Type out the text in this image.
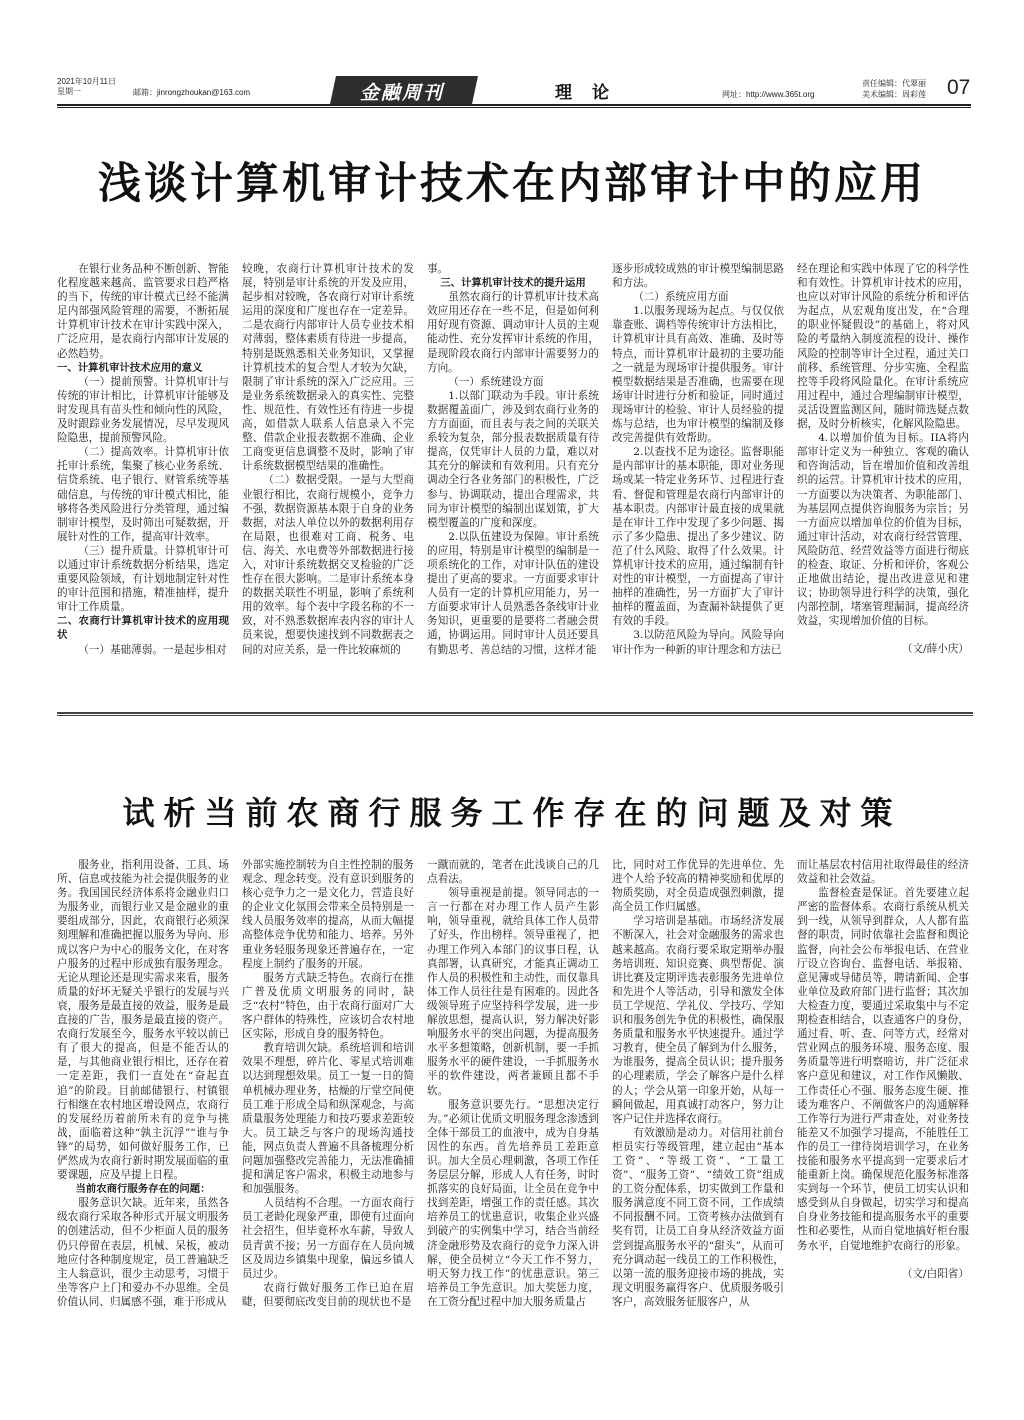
2021年10月11日
星期一	邮箱：jinrongzhoukan@163.com	金融周刊	理论	网址：http://www.365t.org
责任编辑：代翠丽
美术编辑：周彩莲 07
浅谈计算机审计技术在内部审计中的应用

在银行业务品种不断创新、智能化程度越来越高、监管要求日趋严格的当下，传统的审计模式已经不能满足内部强风险管理的需要，不断拓展计算机审计技术在审计实践中深入，广泛应用，是农商行内部审计发展的必然趋势。

一、计算机审计技术应用的意义

（一）提前预警。计算机审计与传统的审计相比，计算机审计能够及时发现具有苗头性和倾向性的风险，及时跟踪业务发展情况，尽早发现风险隐患，提前预警风险。

（二）提高效率。计算机审计依托审计系统，集聚了核心业务系统、信贷系统、电子银行、财管系统等基础信息，与传统的审计模式相比，能够将各类风险进行分类管理，通过编制审计模型，及时筛出可疑数据，开展针对性的工作，提高审计效率。

（三）提升质量。计算机审计可以通过审计系统数据分析结果，选定重要风险领域，有计划地制定针对性的审计范围和措施，精准抽样，提升审计工作质量。

二、农商行计算机审计技术的应用现状

（一）基础薄弱。一是起步相对

较晚，农商行计算机审计技术的发展，特别是审计系统的开发及应用，起步相对较晚，各农商行对审计系统运用的深度和广度也存在一定差异。二是农商行内部审计人员专业技术相对薄弱，整体素质有待进一步提高，特别是既熟悉相关业务知识，又掌握计算机技术的复合型人才较为欠缺，限制了审计系统的深入广泛应用。三是业务系统数据录入的真实性、完整性、规范性、有效性还有待进一步提高，如借款人联系人信息录入不完整、借款企业报表数据不准确、企业工商变更信息调整不及时，影响了审计系统数据模型结果的准确性。

（二）数据受限。一是与大型商业银行相比，农商行规模小，竞争力不强，数据资源基本限于自身的业务数据，对法人单位以外的数据利用存在局限，也很难对工商、税务、电信、海关、水电费等外部数据进行接入，对审计系统数据交叉检验的广泛性存在很大影响。二是审计系统本身的数据关联性不明显，影响了系统利用的效率。每个表中字段名称的不一致，对不熟悉数据库表内容的审计人员来说，想要快速找到不同数据表之间的对应关系，是一件比较麻烦的

事。

三、计算机审计技术的提升运用

虽然农商行的计算机审计技术高效应用还存在一些不足，但是如何利用好现有资源、调动审计人员的主观能动性、充分发挥审计系统的作用，是现阶段农商行内部审计需要努力的方向。

（一）系统建设方面

1.以部门联动为手段。审计系统数据覆盖面广，涉及到农商行业务的方方面面，而且表与表之间的关联关系较为复杂，部分报表数据质量有待提高，仅凭审计人员的力量，难以对其充分的解读和有效利用。只有充分调动全行各业务部门的积极性，广泛参与、协调联动，提出合理需求，共同为审计模型的编制出谋划策，扩大模型覆盖的广度和深度。

2.以队伍建设为保障。审计系统的应用，特别是审计模型的编制是一项系统化的工作，对审计队伍的建设提出了更高的要求。一方面要求审计人员有一定的计算机应用能力，另一方面要求审计人员熟悉各条线审计业务知识，更重要的是要将二者融会贯通，协调运用。同时审计人员还要具有勤思考、善总结的习惯，这样才能

逐步形成较成熟的审计模型编制思路和方法。

（二）系统应用方面

1.以服务现场为起点。与仅仅依靠查账、调档等传统审计方法相比，计算机审计具有高效、准确、及时等特点，而计算机审计最初的主要功能之一就是为现场审计提供服务。审计模型数据结果是否准确，也需要在现场审计时进行分析和验证，同时通过现场审计的检验、审计人员经验的提炼与总结，也为审计模型的编制及修改完善提供有效帮助。

2.以查找不足为途径。监督职能是内部审计的基本职能，即对业务现场或某一特定业务环节、过程进行查看、督促和管理是农商行内部审计的基本职责。内部审计最直接的成果就是在审计工作中发现了多少问题、揭示了多少隐患、提出了多少建议、防范了什么风险、取得了什么效果。计算机审计技术的应用，通过编制有针对性的审计模型，一方面提高了审计抽样的准确性，另一方面扩大了审计抽样的覆盖面，为查漏补缺提供了更有效的手段。

3.以防范风险为导向。风险导向审计作为一种新的审计理念和方法已

经在理论和实践中体现了它的科学性和有效性。计算机审计技术的应用，也应以对审计风险的系统分析和评估为起点，从宏观角度出发，在“合理的职业怀疑假设”的基础上，将对风险的考量纳入制度流程的设计、操作风险的控制等审计全过程，通过关口前移、系统管理、分步实施、全程监控等手段将风险量化。在审计系统应用过程中，通过合理编制审计模型，灵活设置监测区间，随时筛选疑点数据，及时分析核实，化解风险隐患。

4.以增加价值为目标。IIA将内部审计定义为一种独立、客观的确认和咨询活动，旨在增加价值和改善组织的运营。计算机审计技术的应用，一方面要以为决策者、为职能部门、为基层网点提供咨询服务为宗旨；另一方面应以增加单位的价值为目标，通过审计活动，对农商行经营管理、风险防范、经营效益等方面进行彻底的检查、取证、分析和评价，客观公正地做出结论，提出改进意见和建议；协助领导进行科学的决策，强化内部控制，堵塞管理漏洞，提高经济效益，实现增加价值的目标。

（文/薛小庆）

试析当前农商行服务工作存在的问题及对策

服务业，指利用设备、工具、场所、信息或技能为社会提供服务的业务。我国国民经济体系将金融业归口为服务业，而银行业又是金融业的重要组成部分，因此，农商银行必须深刻理解和准确把握以服务为导向、形成以客户为中心的服务文化，在对客户服务的过程中形成独有服务理念。无论从理论还是现实需求来看，服务质量的好坏无疑关乎银行的发展与兴衰，服务是最直接的效益，服务是最直接的广告，服务是最直接的资产。农商行发展至今，服务水平较以前已有了很大的提高，但是不能否认的是，与其他商业银行相比，还存在着一定差距，我们一直处在“奋起直追”的阶段。目前邮储银行、村镇银行相继在农村地区增设网点，农商行的发展经历着前所未有的竞争与挑战，面临着这种“孰主沉浮”“谁与争锋”的局势，如何做好服务工作，已俨然成为农商行新时期发展面临的重要课题，应及早提上日程。

当前农商行服务存在的问题：

服务意识欠缺。近年来，虽然各级农商行采取各种形式开展文明服务的创建活动，但不少柜面人员的服务仍只停留在表层，机械、呆板，被动地应付各种制度规定，员工普遍缺乏主人翁意识，很少主动思考，习惯于坐等客户上门和爱办不办思维。全员价值认同、归属感不强，难于形成从

外部实施控制转为自主性控制的服务观念、理念转变。没有意识到服务的核心竞争力之一是文化力，营造良好的企业文化氛围会带来全员特别是一线人员服务效率的提高，从而大幅提高整体竞争优势和能力、培养。另外重业务轻服务现象还普遍存在，一定程度上制约了服务的开展。

服务方式缺乏特色。农商行在推广普及优质文明服务的同时，缺乏“农村”特色，由于农商行面对广大客户群体的特殊性，应该切合农村地区实际，形成自身的服务特色。

教育培训欠缺。系统培训和培训效果不理想，碎片化、零星式培训难以达到理想效果。员工一复一日的简单机械办理业务，枯燥的厅堂空间使员工难于形成全局和纵深观念，与高质量服务处理能力和技巧要求差距较大。员工缺乏与客户的现场沟通技能，网点负责人普遍不具备梳理分析问题加强整改完善能力，无法准确捕捉和满足客户需求，积极主动地参与和加强服务。

人员结构不合理。一方面农商行员工老龄化现象严重，即使有过面向社会招生，但毕竟杯水车薪，导致人员青黄不接；另一方面存在人员向城区及周边乡镇集中现象，偏远乡镇人员过少。

农商行做好服务工作已迫在眉睫，但要彻底改变目前的现状也不是

一蹴而就的，笔者在此浅谈自己的几点看法。

领导重视是前提。领导同志的一言一行都在对办理工作人员产生影响，领导重视，就给具体工作人员带了好头，作出榜样。领导重视了，把办理工作列入本部门的议事日程，认真部署，认真研究，才能真正调动工作人员的积极性和主动性，而仅靠具体工作人员往往是有困难的。因此各级领导班子应坚持科学发展，进一步解放思想，提高认识，努力解决好影响服务水平的突出问题，为提高服务水平多想策略，创新机制，要一手抓服务水平的硬件建设，一手抓服务水平的软件建设，两者兼顾且都不手软。

服务意识要先行。“思想决定行为。”必须让优质文明服务理念渗透到全体干部员工的血液中，成为自身基因性的东西。首先培养员工差距意识。加大全员心理刺激，各项工作任务层层分解，形成人人有任务，时时抓落实的良好局面，让全员在竞争中找到差距，增强工作的责任感。其次培养员工的忧患意识，收集企业兴盛到破产的实例集中学习，结合当前经济金融形势及农商行的竞争力深入讲解，使全员树立“今天工作不努力，明天努力找工作”的忧患意识。第三培养员工争先意识。加大奖惩力度，在工资分配过程中加大服务质量占

比，同时对工作优异的先进单位、先进个人给予较高的精神奖励和优厚的物质奖励，对全员造成强烈刺激，提高全员工作归属感。

学习培训是基础。市场经济发展不断深入，社会对金融服务的需求也越来越高。农商行要采取定期举办服务培训班、知识竞赛、典型帮促、演讲比赛及定期评选表彰服务先进单位和先进个人等活动，引导和激发全体员工学规范、学礼仪、学技巧、学知识和服务创先争优的积极性，确保服务质量和服务水平快速提升。通过学习教育，使全员了解到为什么服务，为谁服务，提高全员认识；提升服务的心理素质，学会了解客户是什么样的人；学会从第一印象开始，从每一瞬间做起，用真诚打动客户，努力让客户记住并选择农商行。

有效激励是动力。对信用社前台柜员实行等级管理，建立起由“基本工资”、“等级工资”、“工量工资”、“服务工资”、“绩效工资”组成的工资分配体系，切实做到工作量和服务满意度不同工资不同，工作成绩不同报酬不同。工资考核办法做到有奖有罚，让员工自身从经济效益方面尝到提高服务水平的“甜头”，从而可充分调动起一线员工的工作积极性，以第一流的服务迎接市场的挑战，实现文明服务赢得客户、优质服务吸引客户，高效服务征服客户，从

而让基层农村信用社取得最佳的经济效益和社会效益。

监督检查是保证。首先要建立起严密的监督体系。农商行系统从机关到一线，从领导到群众，人人都有监督的职责，同时依靠社会监督和舆论监督，向社会公布举报电话、在营业厅设立咨询台、监督电话、举报箱、意见簿或导储员等，聘请新闻、企事业单位及政府部门进行监督；其次加大检查力度，要通过采取集中与不定期检查相结合，以查通客户的身份，通过看、听、查、问等方式，经常对营业网点的服务环境、服务态度、服务质量等进行明察暗访，并广泛征求客户意见和建议，对工作作风懒散、工作责任心不强、服务态度生硬、推诿为难客户、不阐做客户的沟通解释工作等行为进行严肃查处，对业务技能差又不加强学习提高，不能胜任工作的员工一律待岗培训学习，在业务技能和服务水平提高到一定要求后才能重新上岗。确保规范化服务标准落实到每一个环节，使员工切实认识和感受到从自身做起，切实学习和提高自身业务技能和提高服务水平的重要性和必要性，从而自觉地搞好柜台服务水平，自觉地维护农商行的形象。

（文/白阳省）
